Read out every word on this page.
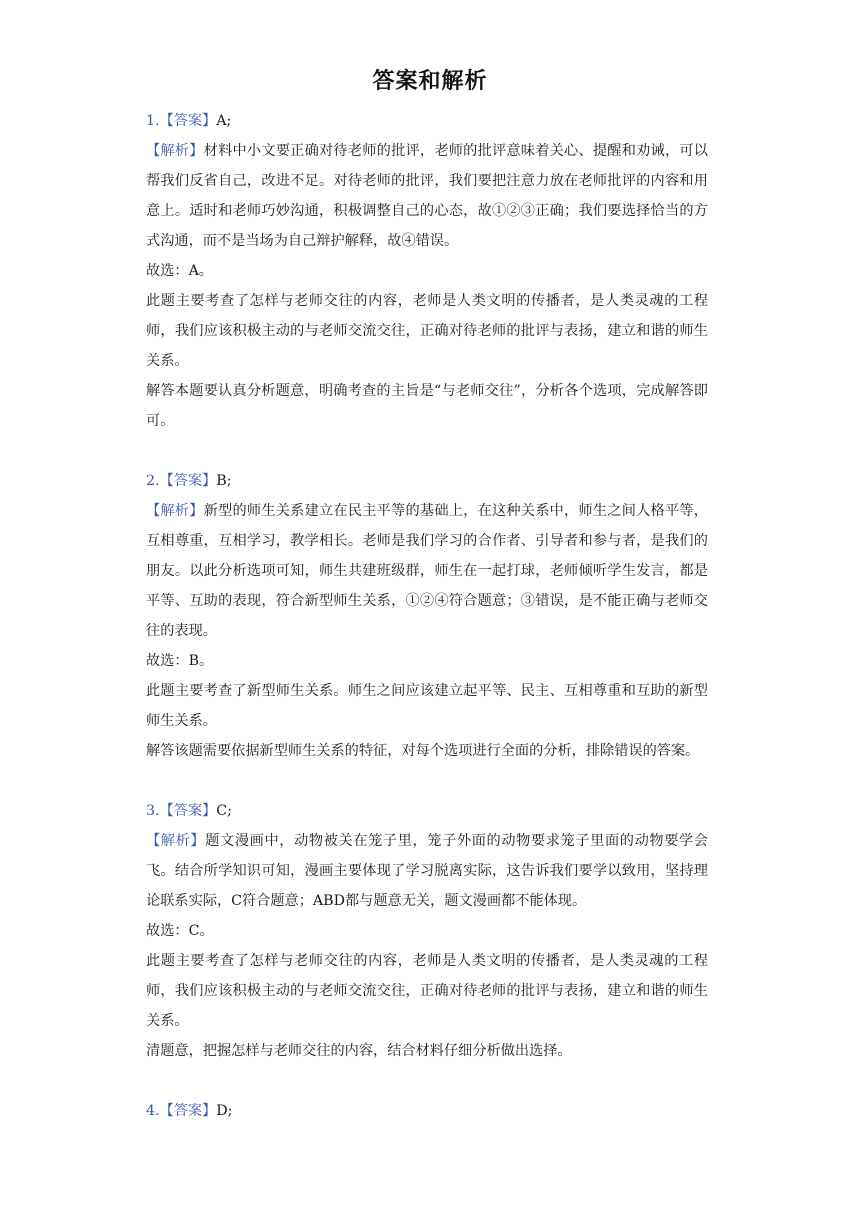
答案和解析

1.【答案】A;

【解析】材料中小文要正确对待老师的批评，老师的批评意味着关心、提醒和劝诫，可以帮我们反省自己，改进不足。对待老师的批评，我们要把注意力放在老师批评的内容和用意上。适时和老师巧妙沟通，积极调整自己的心态，故①②③正确；我们要选择恰当的方式沟通，而不是当场为自己辩护解释，故④错误。

故选：A。

此题主要考查了怎样与老师交往的内容，老师是人类文明的传播者，是人类灵魂的工程师，我们应该积极主动的与老师交流交往，正确对待老师的批评与表扬，建立和谐的师生关系。

解答本题要认真分析题意，明确考查的主旨是“与老师交往”，分析各个选项，完成解答即可。

2.【答案】B;

【解析】新型的师生关系建立在民主平等的基础上，在这种关系中，师生之间人格平等，互相尊重，互相学习，教学相长。老师是我们学习的合作者、引导者和参与者，是我们的朋友。以此分析选项可知，师生共建班级群，师生在一起打球，老师倾听学生发言，都是平等、互助的表现，符合新型师生关系，①②④符合题意；③错误，是不能正确与老师交往的表现。

故选：B。

此题主要考查了新型师生关系。师生之间应该建立起平等、民主、互相尊重和互助的新型师生关系。

解答该题需要依据新型师生关系的特征，对每个选项进行全面的分析，排除错误的答案。

3.【答案】C;

【解析】题文漫画中，动物被关在笼子里，笼子外面的动物要求笼子里面的动物要学会飞。结合所学知识可知，漫画主要体现了学习脱离实际，这告诉我们要学以致用，坚持理论联系实际，C符合题意；ABD都与题意无关，题文漫画都不能体现。

故选：C。

此题主要考查了怎样与老师交往的内容，老师是人类文明的传播者，是人类灵魂的工程师，我们应该积极主动的与老师交流交往，正确对待老师的批评与表扬，建立和谐的师生关系。

清题意，把握怎样与老师交往的内容，结合材料仔细分析做出选择。

4.【答案】D;
